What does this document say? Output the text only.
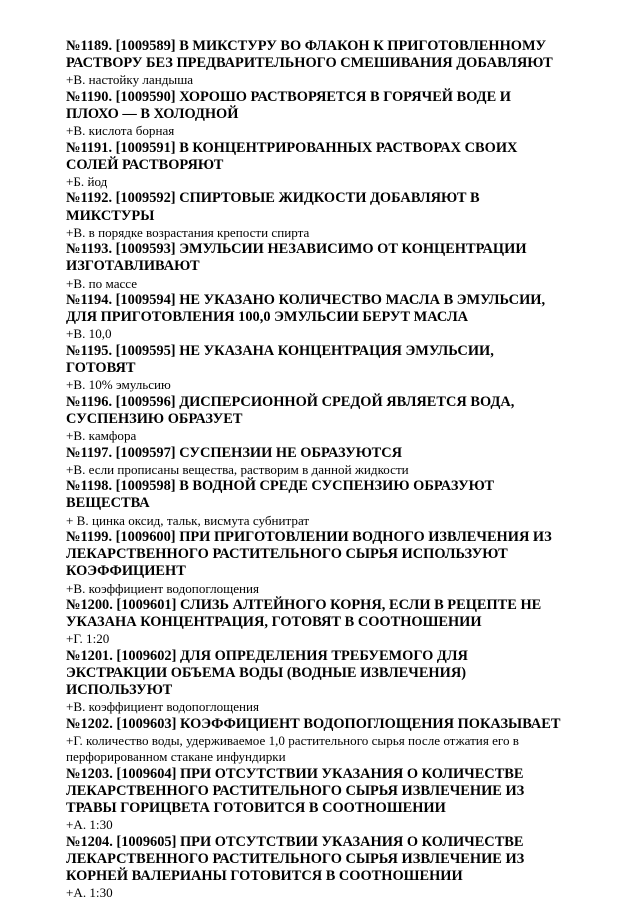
№1189. [1009589] В МИКСТУРУ ВО ФЛАКОН К ПРИГОТОВЛЕННОМУ РАСТВОРУ БЕЗ ПРЕДВАРИТЕЛЬНОГО СМЕШИВАНИЯ ДОБАВЛЯЮТ

+В. настойку ландыша

№1190. [1009590] ХОРОШО РАСТВОРЯЕТСЯ В ГОРЯЧЕЙ ВОДЕ И ПЛОХО — В ХОЛОДНОЙ

+В. кислота борная

№1191. [1009591] В КОНЦЕНТРИРОВАННЫХ РАСТВОРАХ СВОИХ СОЛЕЙ РАСТВОРЯЮТ

+Б. йод

№1192. [1009592] СПИРТОВЫЕ ЖИДКОСТИ ДОБАВЛЯЮТ В МИКСТУРЫ

+В. в порядке возрастания крепости спирта

№1193. [1009593] ЭМУЛЬСИИ НЕЗАВИСИМО ОТ КОНЦЕНТРАЦИИ ИЗГОТАВЛИВАЮТ

+В. по массе

№1194. [1009594] НЕ УКАЗАНО КОЛИЧЕСТВО МАСЛА В ЭМУЛЬСИИ, ДЛЯ ПРИГОТОВЛЕНИЯ 100,0 ЭМУЛЬСИИ БЕРУТ МАСЛА

+В. 10,0

№1195. [1009595] НЕ УКАЗАНА КОНЦЕНТРАЦИЯ ЭМУЛЬСИИ, ГОТОВЯТ

+В. 10% эмульсию

№1196. [1009596] ДИСПЕРСИОННОЙ СРЕДОЙ ЯВЛЯЕТСЯ ВОДА, СУСПЕНЗИЮ ОБРАЗУЕТ

+В. камфора

№1197. [1009597] СУСПЕНЗИИ НЕ ОБРАЗУЮТСЯ

+В. если прописаны вещества, растворим в данной жидкости

№1198. [1009598] В ВОДНОЙ СРЕДЕ СУСПЕНЗИЮ ОБРАЗУЮТ ВЕЩЕСТВА

+ В. цинка оксид, тальк, висмута субнитрат

№1199. [1009600] ПРИ ПРИГОТОВЛЕНИИ ВОДНОГО ИЗВЛЕЧЕНИЯ ИЗ ЛЕКАРСТВЕННОГО РАСТИТЕЛЬНОГО СЫРЬЯ ИСПОЛЬЗУЮТ КОЭФФИЦИЕНТ

+В. коэффициент водопоглощения

№1200. [1009601] СЛИЗЬ АЛТЕЙНОГО КОРНЯ, ЕСЛИ В РЕЦЕПТЕ НЕ УКАЗАНА КОНЦЕНТРАЦИЯ, ГОТОВЯТ В СООТНОШЕНИИ

+Г. 1:20

№1201. [1009602] ДЛЯ ОПРЕДЕЛЕНИЯ ТРЕБУЕМОГО ДЛЯ ЭКСТРАКЦИИ ОБЪЕМА ВОДЫ (ВОДНЫЕ ИЗВЛЕЧЕНИЯ) ИСПОЛЬЗУЮТ

+В. коэффициент водопоглощения

№1202. [1009603] КОЭФФИЦИЕНТ ВОДОПОГЛОЩЕНИЯ ПОКАЗЫВАЕТ

+Г. количество воды, удерживаемое 1,0 растительного сырья после отжатия его в перфорированном стакане инфундирки

№1203. [1009604] ПРИ ОТСУТСТВИИ УКАЗАНИЯ О КОЛИЧЕСТВЕ ЛЕКАРСТВЕННОГО РАСТИТЕЛЬНОГО СЫРЬЯ ИЗВЛЕЧЕНИЕ ИЗ ТРАВЫ ГОРИЦВЕТА ГОТОВИТСЯ В СООТНОШЕНИИ

+А. 1:30

№1204. [1009605] ПРИ ОТСУТСТВИИ УКАЗАНИЯ О КОЛИЧЕСТВЕ ЛЕКАРСТВЕННОГО РАСТИТЕЛЬНОГО СЫРЬЯ ИЗВЛЕЧЕНИЕ ИЗ КОРНЕЙ ВАЛЕРИАНЫ ГОТОВИТСЯ В СООТНОШЕНИИ

+А. 1:30
